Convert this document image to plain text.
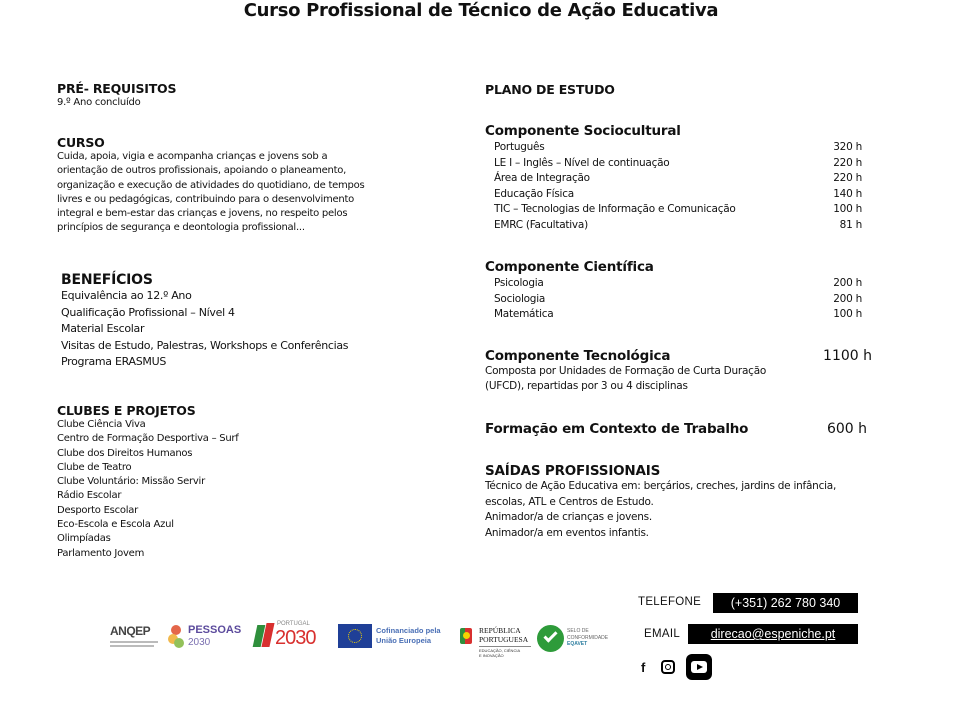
Curso Profissional de Técnico de Ação Educativa
PRÉ- REQUISITOS
9.º Ano concluído
CURSO
Cuida, apoia, vigia e acompanha crianças e jovens sob a
orientação de outros profissionais, apoiando o planeamento,
organização e execução de atividades do quotidiano, de tempos
livres e ou pedagógicas, contribuindo para o desenvolvimento
integral e bem-estar das crianças e jovens, no respeito pelos
princípios de segurança e deontologia profissional...
BENEFÍCIOS
Equivalência ao 12.º Ano
Qualificação Profissional – Nível 4
Material Escolar
Visitas de Estudo, Palestras, Workshops e Conferências
Programa ERASMUS
CLUBES E PROJETOS
Clube Ciência Viva
Centro de Formação Desportiva – Surf
Clube dos Direitos Humanos
Clube de Teatro
Clube Voluntário: Missão Servir
Rádio Escolar
Desporto Escolar
Eco-Escola e Escola Azul
Olimpíadas
Parlamento Jovem
PLANO DE ESTUDO
Componente Sociocultural
Português	320 h
LE I – Inglês – Nível de continuação	220 h
Área de Integração	220 h
Educação Física	140 h
TIC – Tecnologias de Informação e Comunicação	100 h
EMRC (Facultativa)	81 h
Componente Científica
Psicologia	200 h
Sociologia	200 h
Matemática	100 h
Componente Tecnológica	1100 h
Composta por Unidades de Formação de Curta Duração
(UFCD), repartidas por 3 ou 4 disciplinas
Formação em Contexto de Trabalho	600 h
SAÍDAS PROFISSIONAIS
Técnico de Ação Educativa em: berçários, creches, jardins de infância,
escolas, ATL e Centros de Estudo.
Animador/a de crianças e jovens.
Animador/a em eventos infantis.
ANQEP	PESSOAS
2030
PORTUGAL
2030	Cofinanciado pela
União Europeia
REPÚBLICA
PORTUGUESA
EDUCAÇÃO, CIÊNCIA
E INOVAÇÃO
SELO DE
CONFORMIDADE
EQAVET
TELEFONE	(+351) 262 780 340
EMAIL	direcao@espeniche.pt
f
